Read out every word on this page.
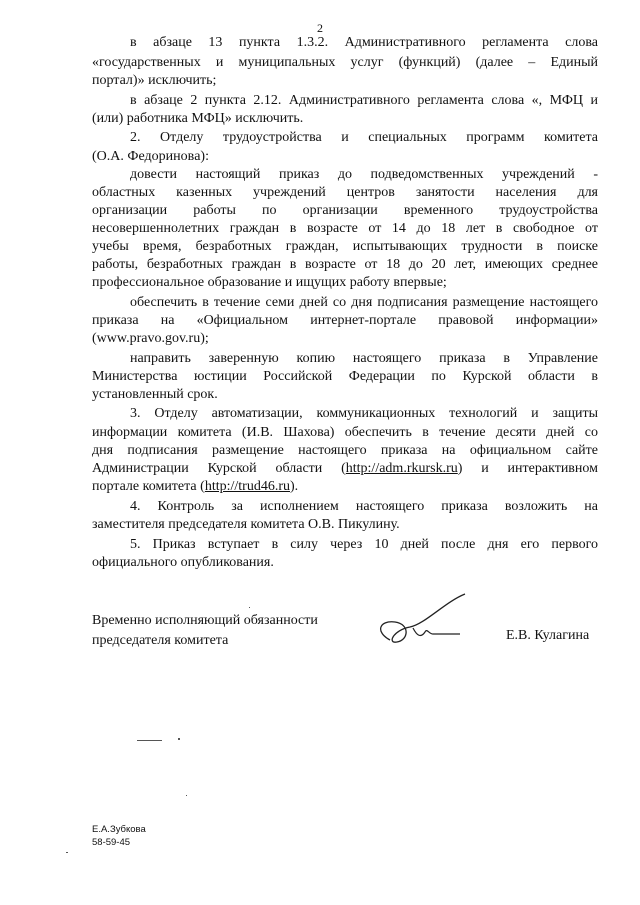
2
в абзаце 13 пункта 1.3.2. Административного регламента слова
«государственных и муниципальных услуг (функций) (далее – Единый
портал)» исключить;
в абзаце 2 пункта 2.12. Административного регламента слова «, МФЦ и
(или) работника МФЦ» исключить.
2. Отделу трудоустройства и специальных программ комитета
(О.А. Федориновa):
довести настоящий приказ до подведомственных учреждений -
областных казенных учреждений центров занятости населения для
организации работы по организации временного трудоустройства
несовершеннолетних граждан в возрасте от 14 до 18 лет в свободное от
учебы время, безработных граждан, испытывающих трудности в поиске
работы, безработных граждан в возрасте от 18 до 20 лет, имеющих среднее
профессиональное образование и ищущих работу впервые;
обеспечить в течение семи дней со дня подписания размещение настоящего
приказа на «Официальном интернет-портале правовой информации»
(www.pravo.gov.ru);
направить заверенную копию настоящего приказа в Управление
Министерства юстиции Российской Федерации по Курской области в
установленный срок.
3. Отделу автоматизации, коммуникационных технологий и защиты
информации комитета (И.В. Шахова) обеспечить в течение десяти дней со
дня подписания размещение настоящего приказа на официальном сайте
Администрации Курской области (http://adm.rkursk.ru) и интерактивном
портале комитета (http://trud46.ru).
4. Контроль за исполнением настоящего приказа возложить на
заместителя председателя комитета О.В. Пикулину.
5. Приказ вступает в силу через 10 дней после дня его первого
официального опубликования.
Временно исполняющий обязанности
председателя комитета	Е.В. Кулагина
Е.А.Зубкова
58-59-45
